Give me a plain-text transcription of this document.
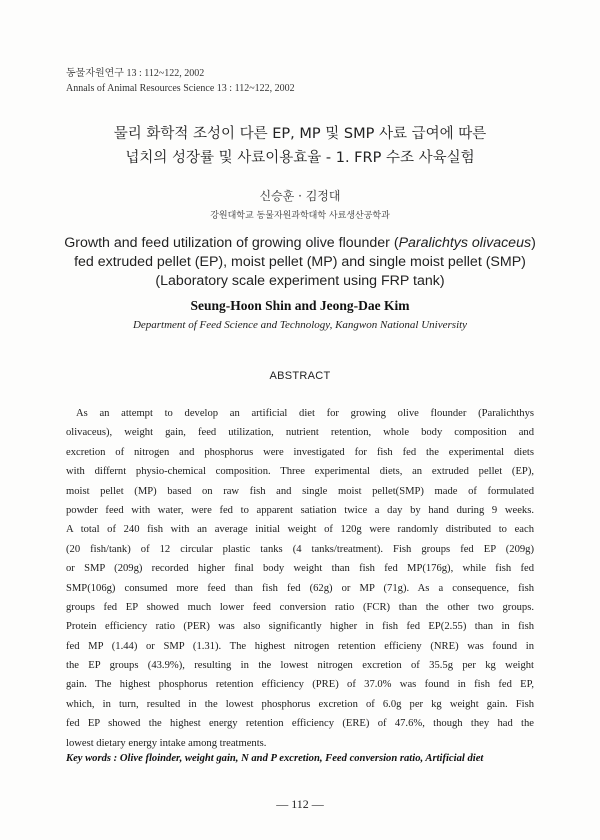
동물자원연구 13 : 112~122, 2002
Annals of Animal Resources Science 13 : 112~122, 2002
물리 화학적 조성이 다른 EP, MP 및 SMP 사료 급여에 따른
넙치의 성장률 및 사료이용효율 - 1. FRP 수조 사육실험
신승훈 · 김정대
강원대학교 동물자원과학대학 사료생산공학과
Growth and feed utilization of growing olive flounder (Paralichtys olivaceus)
fed extruded pellet (EP), moist pellet (MP) and single moist pellet (SMP)
(Laboratory scale experiment using FRP tank)
Seung-Hoon Shin and Jeong-Dae Kim
Department of Feed Science and Technology, Kangwon National University
ABSTRACT
As an attempt to develop an artificial diet for growing olive flounder (Paralichthys
olivaceus), weight gain, feed utilization, nutrient retention, whole body composition and
excretion of nitrogen and phosphorus were investigated for fish fed the experimental diets
with differnt physio-chemical composition. Three experimental diets, an extruded pellet (EP),
moist pellet (MP) based on raw fish and single moist pellet(SMP) made of formulated
powder feed with water, were fed to apparent satiation twice a day by hand during 9 weeks.
A total of 240 fish with an average initial weight of 120g were randomly distributed to each
(20 fish/tank) of 12 circular plastic tanks (4 tanks/treatment). Fish groups fed EP (209g)
or SMP (209g) recorded higher final body weight than fish fed MP(176g), while fish fed
SMP(106g) consumed more feed than fish fed (62g) or MP (71g). As a consequence, fish
groups fed EP showed much lower feed conversion ratio (FCR) than the other two groups.
Protein efficiency ratio (PER) was also significantly higher in fish fed EP(2.55) than in fish
fed MP (1.44) or SMP (1.31). The highest nitrogen retention efficieny (NRE) was found in
the EP groups (43.9%), resulting in the lowest nitrogen excretion of 35.5g per kg weight
gain. The highest phosphorus retention efficiency (PRE) of 37.0% was found in fish fed EP,
which, in turn, resulted in the lowest phosphorus excretion of 6.0g per kg weight gain. Fish
fed EP showed the highest energy retention efficiency (ERE) of 47.6%, though they had the
lowest dietary energy intake among treatments.
Key words : Olive floinder, weight gain, N and P excretion, Feed conversion ratio, Artificial diet
— 112 —
